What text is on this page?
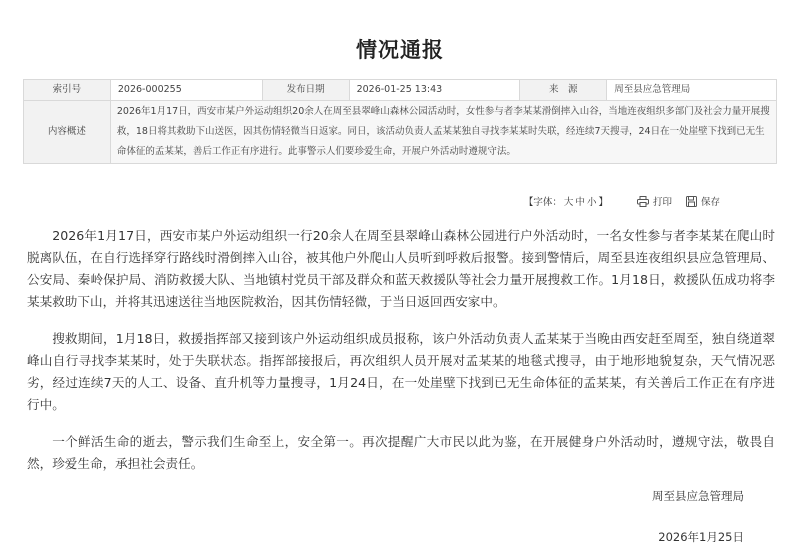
情况通报
索引号	2026-000255	发布日期	2026-01-25 13:43	来　源	周至县应急管理局
内容概述	2026年1月17日，西安市某户外运动组织20余人在周至县翠峰山森林公园活动时，女性参与者李某某滑倒摔入山谷，当地连夜组织多部门及社会力量开展搜救，18日将其救助下山送医，因其伤情轻微当日返家。同日，该活动负责人孟某某独自寻找李某某时失联，经连续7天搜寻，24日在一处崖壁下找到已无生命体征的孟某某，善后工作正有序进行。此事警示人们要珍爱生命，开展户外活动时遵规守法。				
【字体： 大 中 小 】	打印	保存

2026年1月17日，西安市某户外运动组织一行20余人在周至县翠峰山森林公园进行户外活动时，一名女性参与者李某某在爬山时脱离队伍，在自行选择穿行路线时滑倒摔入山谷，被其他户外爬山人员听到呼救后报警。接到警情后，周至县连夜组织县应急管理局、公安局、秦岭保护局、消防救援大队、当地镇村党员干部及群众和蓝天救援队等社会力量开展搜救工作。1月18日，救援队伍成功将李某某救助下山，并将其迅速送往当地医院救治，因其伤情轻微，于当日返回西安家中。

搜救期间，1月18日，救援指挥部又接到该户外运动组织成员报称，该户外活动负责人孟某某于当晚由西安赶至周至，独自绕道翠峰山自行寻找李某某时，处于失联状态。指挥部接报后，再次组织人员开展对孟某某的地毯式搜寻，由于地形地貌复杂，天气情况恶劣，经过连续7天的人工、设备、直升机等力量搜寻，1月24日，在一处崖壁下找到已无生命体征的孟某某，有关善后工作正在有序进行中。

一个鲜活生命的逝去，警示我们生命至上，安全第一。再次提醒广大市民以此为鉴，在开展健身户外活动时，遵规守法，敬畏自然，珍爱生命，承担社会责任。

周至县应急管理局
2026年1月25日
